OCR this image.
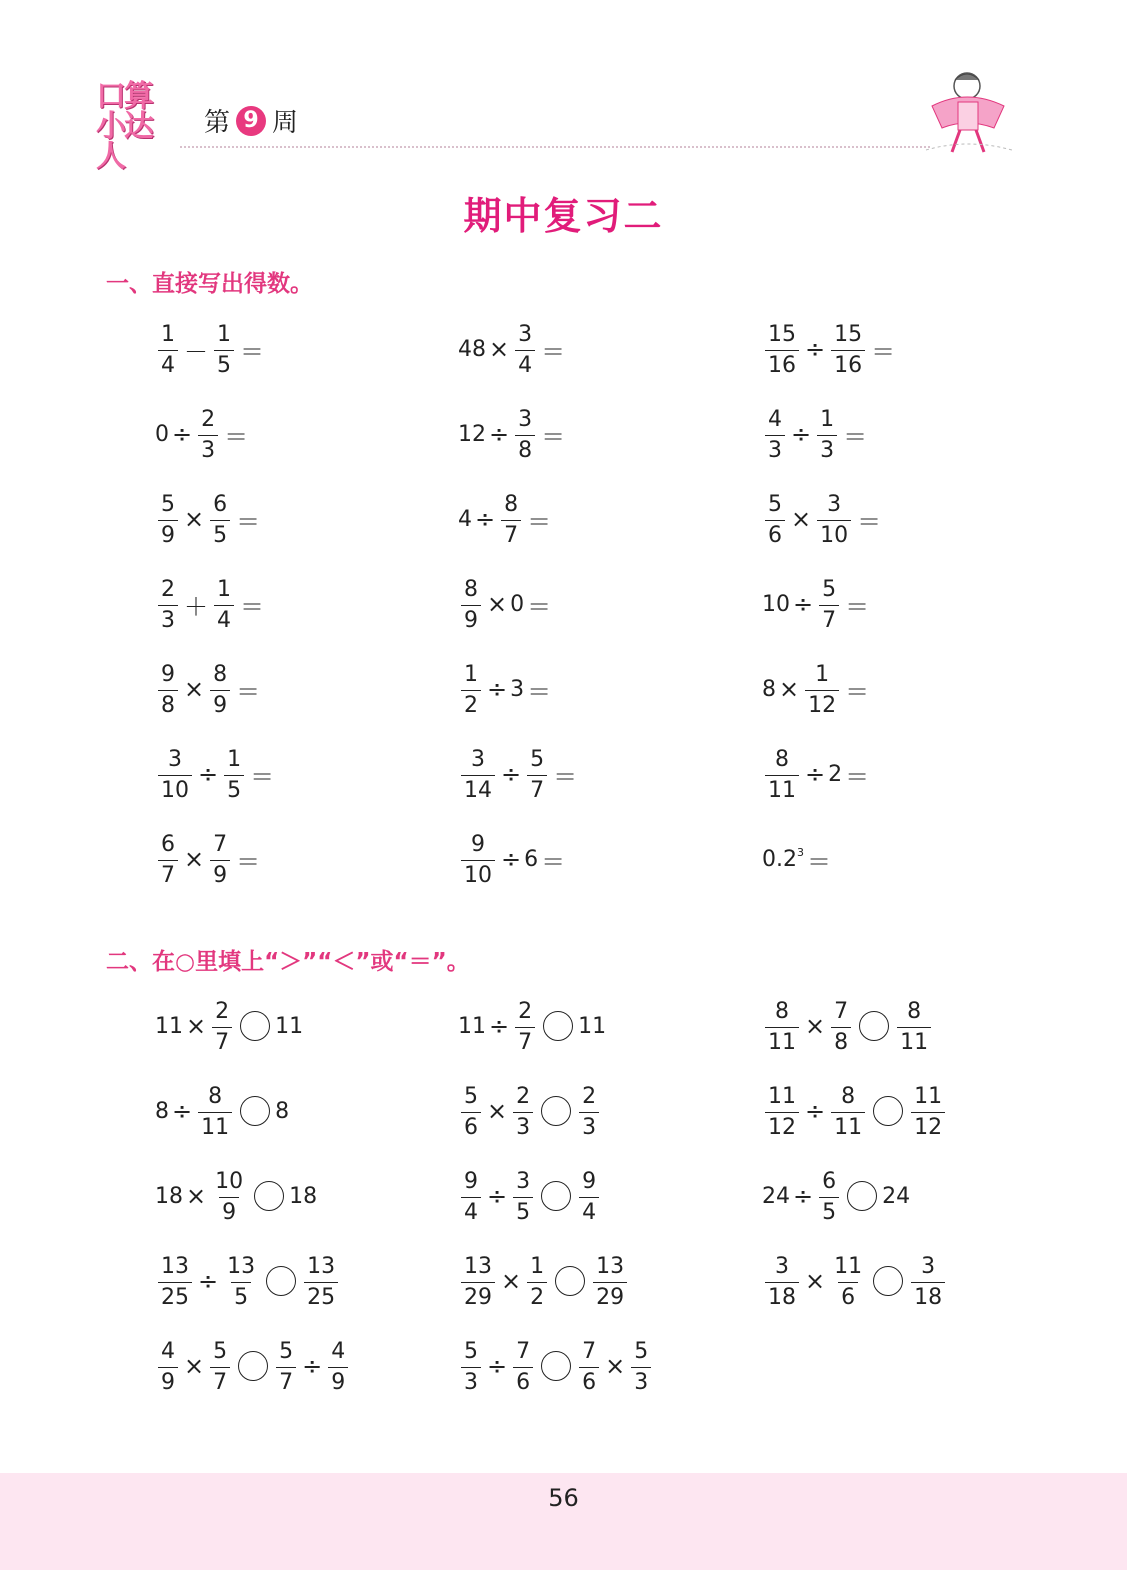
口算
小达人
第 9 周
期中复习二
一、直接写出得数。
$\frac{1}{4} - \frac{1}{5}$ ＝
$0 \div \frac{2}{3}$ ＝
$\frac{5}{9} \times \frac{6}{5}$ ＝
$\frac{2}{3} + \frac{1}{4}$ ＝
$\frac{9}{8} \times \frac{8}{9}$ ＝
$\frac{3}{10} \div \frac{1}{5}$ ＝
$\frac{6}{7} \times \frac{7}{9}$ ＝
$48 \times \frac{3}{4}$ ＝
$12 \div \frac{3}{8}$ ＝
$4 \div \frac{8}{7}$ ＝
$\frac{8}{9} \times 0$ ＝
$\frac{1}{2} \div 3$ ＝
$\frac{3}{14} \div \frac{5}{7}$ ＝
$\frac{9}{10} \div 6$ ＝
$\frac{15}{16} \div \frac{15}{16}$ ＝
$\frac{4}{3} \div \frac{1}{3}$ ＝
$\frac{5}{6} \times \frac{3}{10}$ ＝
$10 \div \frac{5}{7}$ ＝
$8 \times \frac{1}{12}$ ＝
$\frac{8}{11} \div 2$ ＝
$0.2^3$ ＝
二、在○里填上“＞”“＜”或“＝”。
$11 \times \frac{2}{7} 11$
$8 \div \frac{8}{11} 8$
$18 \times \frac{10}{9} 18$
$\frac{13}{25} \div \frac{13}{5} \frac{13}{25}$
$\frac{4}{9} \times \frac{5}{7} \frac{5}{7} \div \frac{4}{9}$
$11 \div \frac{2}{7} 11$
$\frac{5}{6} \times \frac{2}{3} \frac{2}{3}$
$\frac{9}{4} \div \frac{3}{5} \frac{9}{4}$
$\frac{13}{29} \times \frac{1}{2} \frac{13}{29}$
$\frac{5}{3} \div \frac{7}{6} \frac{7}{6} \times \frac{5}{3}$
$\frac{8}{11} \times \frac{7}{8} \frac{8}{11}$
$\frac{11}{12} \div \frac{8}{11} \frac{11}{12}$
$24 \div \frac{6}{5} 24$
$\frac{3}{18} \times \frac{11}{6} \frac{3}{18}$
56
